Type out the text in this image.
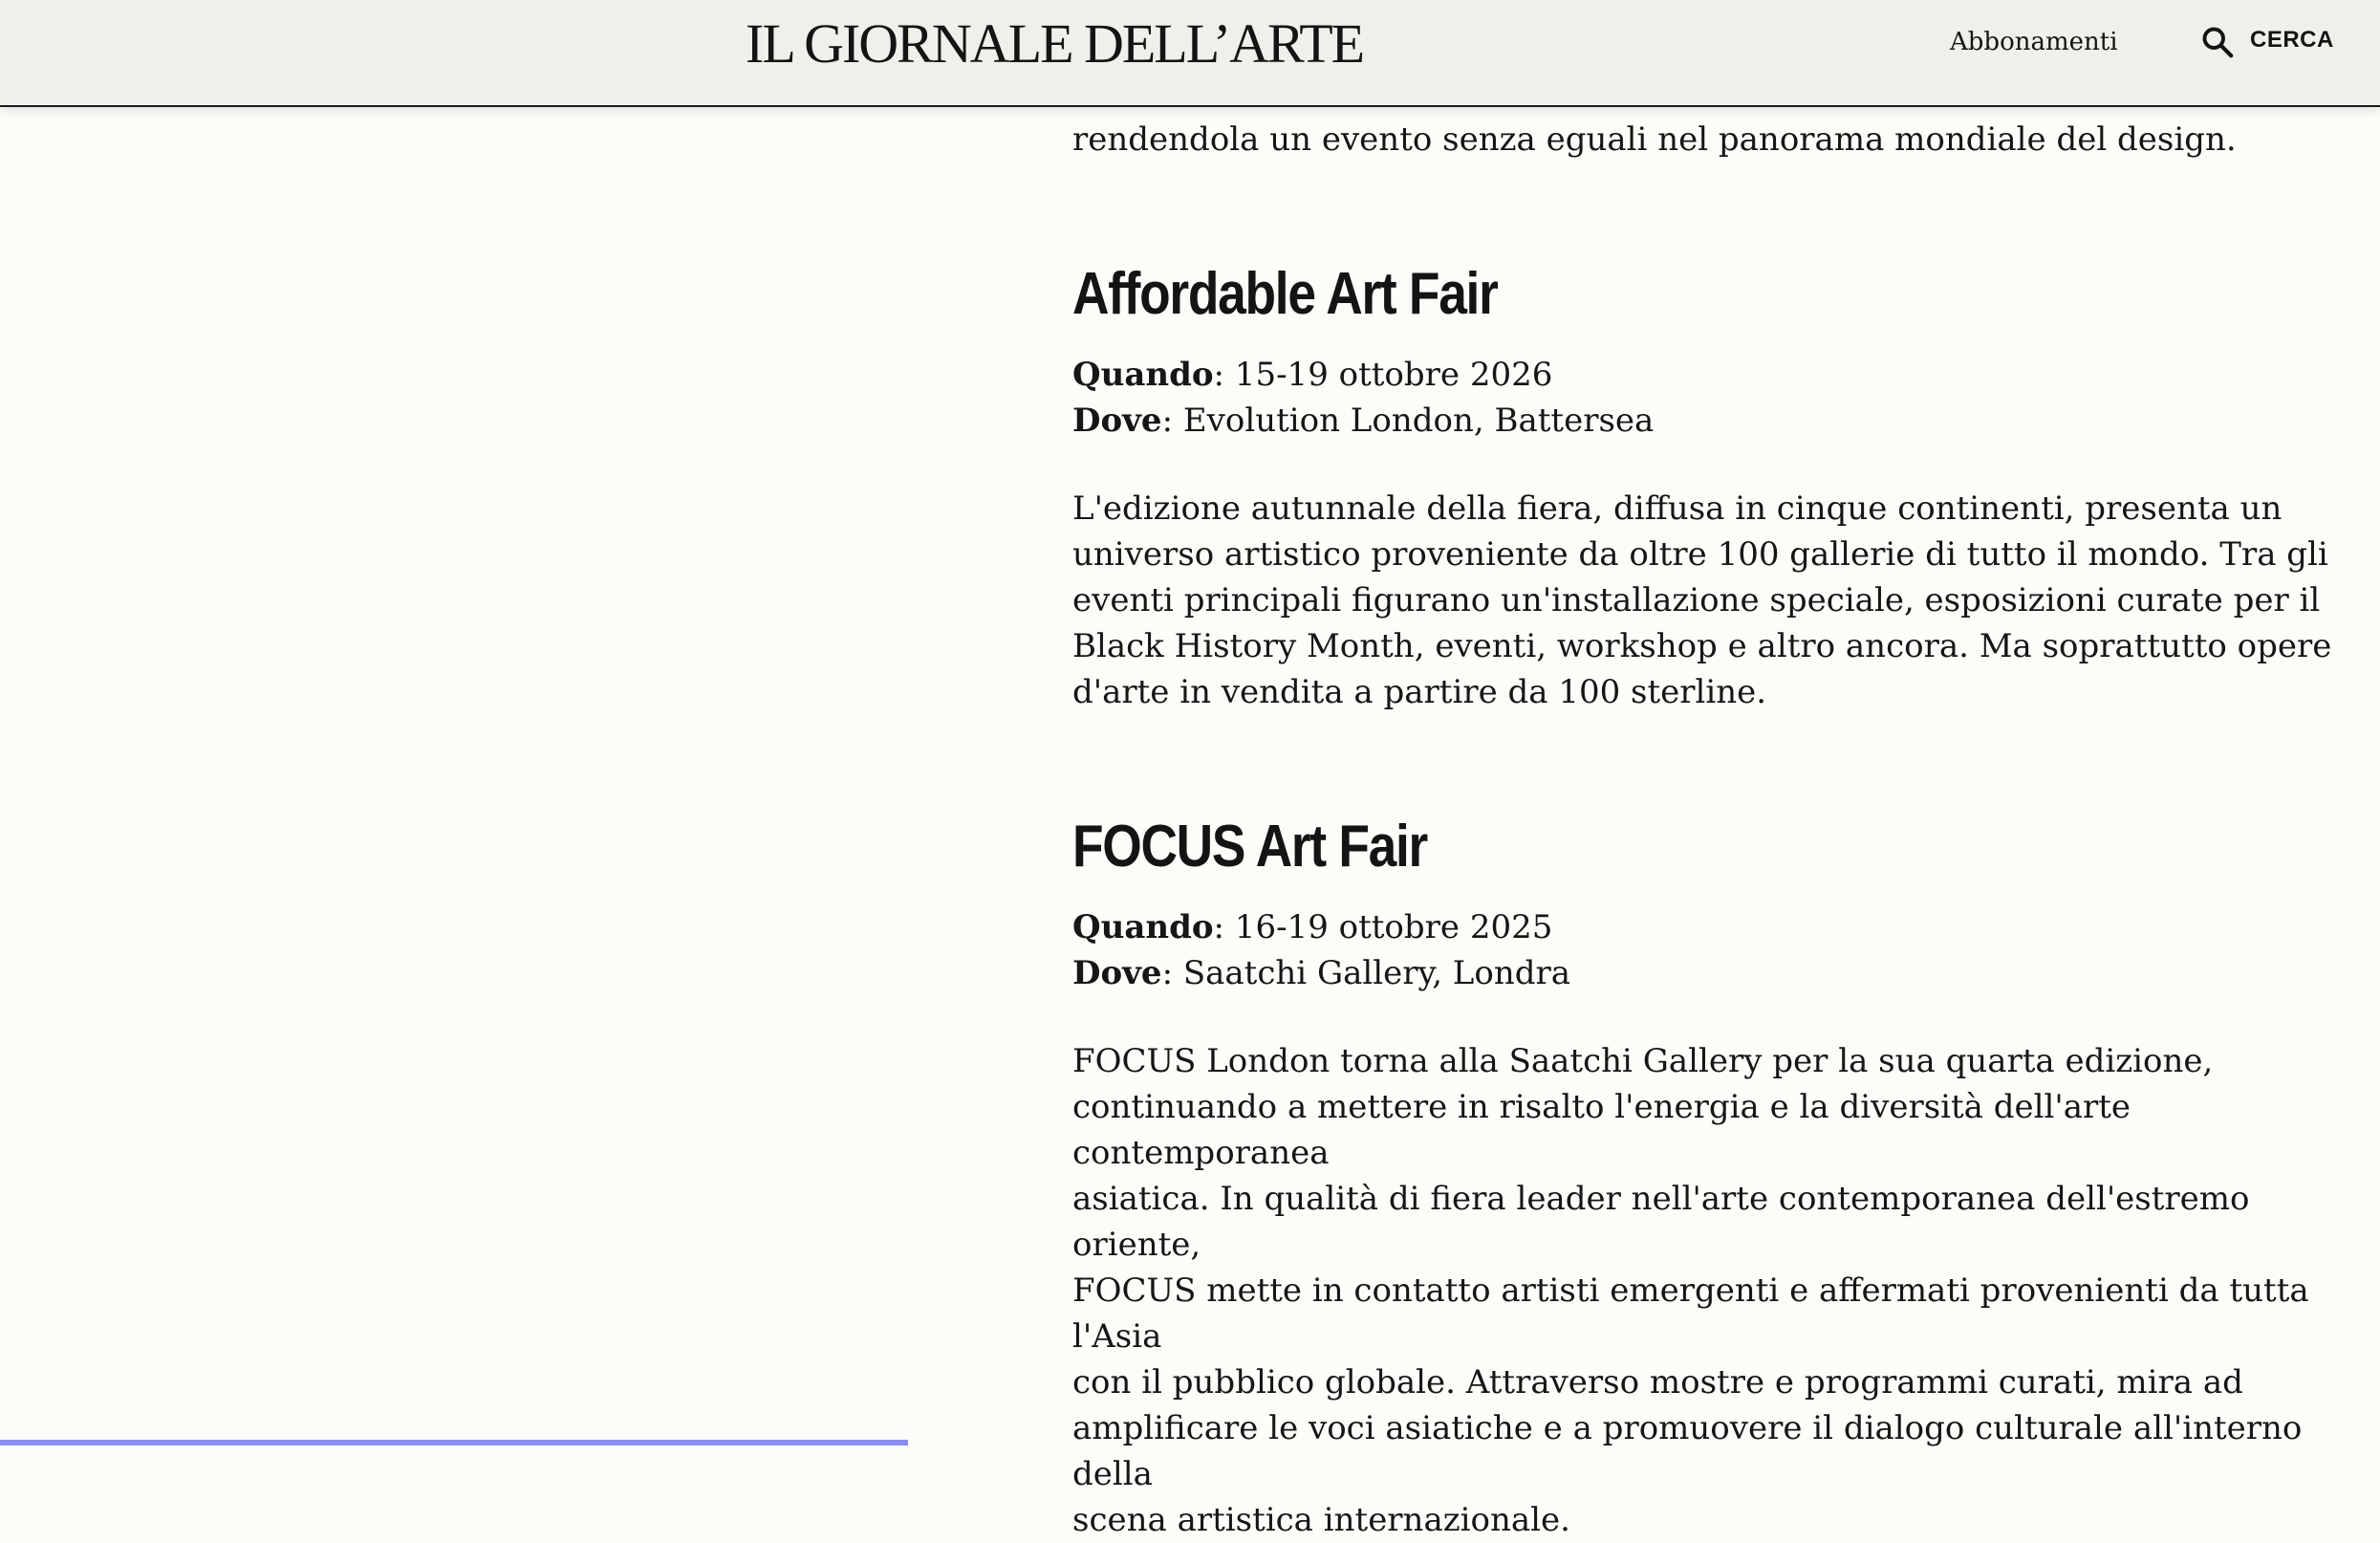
IL GIORNALE DELL’ARTE	Abbonamenti	CERCA

rendendola un evento senza eguali nel panorama mondiale del design.

Affordable Art Fair
Quando: 15-19 ottobre 2026
Dove: Evolution London, Battersea

L'edizione autunnale della fiera, diffusa in cinque continenti, presenta un

universo artistico proveniente da oltre 100 gallerie di tutto il mondo. Tra gli

eventi principali figurano un'installazione speciale, esposizioni curate per il

Black History Month, eventi, workshop e altro ancora. Ma soprattutto opere

d'arte in vendita a partire da 100 sterline.

FOCUS Art Fair
Quando: 16-19 ottobre 2025
Dove: Saatchi Gallery, Londra

FOCUS London torna alla Saatchi Gallery per la sua quarta edizione,

continuando a mettere in risalto l'energia e la diversità dell'arte contemporanea

asiatica. In qualità di fiera leader nell'arte contemporanea dell'estremo oriente,

FOCUS mette in contatto artisti emergenti e affermati provenienti da tutta l'Asia

con il pubblico globale. Attraverso mostre e programmi curati, mira ad

amplificare le voci asiatiche e a promuovere il dialogo culturale all'interno della

scena artistica internazionale.
